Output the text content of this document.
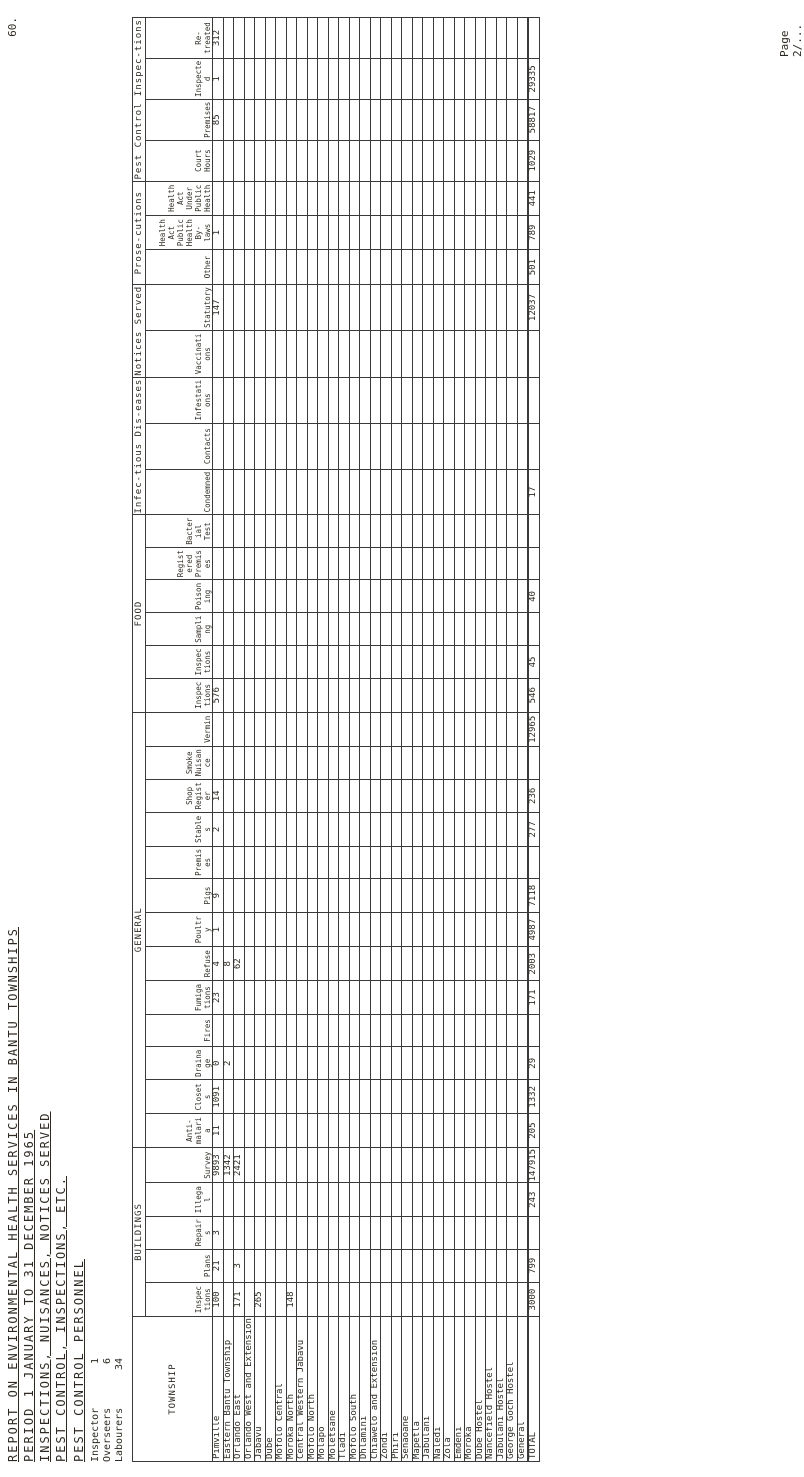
REPORT ON ENVIRONMENTAL HEALTH SERVICES IN BANTU TOWNSHIPS PERIOD 1 JANUARY TO 31 DECEMBER 1965 INSPECTIONS, NUISANCES, NOTICES SERVED PEST CONTROL, INSPECTIONS, ETC.
60.
Page 2/...
PEST CONTROL PERSONNEL Inspector
1
Overseers
6
Labourers
34	TOWNSHIP	BUILDINGS					GENERAL													FOOD						Infec-tious Dis-eases			Notices Served		Prose-cutions			Pest Control Inspec-tions			
	Inspections	Plans	Repairs	Illegal	Survey	Anti-malaria	Closets	Drainage	Fires	Fumigations	Refuse	Poultry	Pigs	Premises	Stables	Shop Register	Smoke Nuisance	Vermin	Inspections	Inspections	Sampling	Poisoning	Registered Premises	Bacterial Test	Condemned	Contacts	Infestations	Vaccinations	Statutory	Other	Health Act Public Health By-laws	Health Act Under Public Health	Court Hours	Premises	Inspected	Re-treated
Pimville	100	21	3		9893	11	1091	0		23	4	1	9		2	14			576										147		1			85	1	312
Eastern Bantu Township					1342			2			8																									
Orlando East	171	3			2421						62																									
Orlando West and Extension																																				
Jabavu	265																																			
Dube																																				
Mofolo Central																																				
Moroka North	148																																			
Central Western Jabavu																																				
Mofolo North																																				
Molapo																																				
Moletsane																																				
Tladi																																				
Mofolo South																																				
Dhlamini																																				
Chiawelo and Extension																																				
Zondi																																				
Phiri																																				
Senaoane																																				
Mapetla																																				
Jabulani																																				
Naledi																																				
Zola																																				
Emdeni																																				
Moroka																																				
Dube Hostel																																				
Nancefield Hostel																																				
Jabulani Hostel																																				
George Goch Hostel																																				
General																																				
TOTAL	3000	799		243	147915	205	1332	29		171	2003	4987	7118		277	236		12965	546	45		40			17				12037	501	789	441	1029	58817	29335	
